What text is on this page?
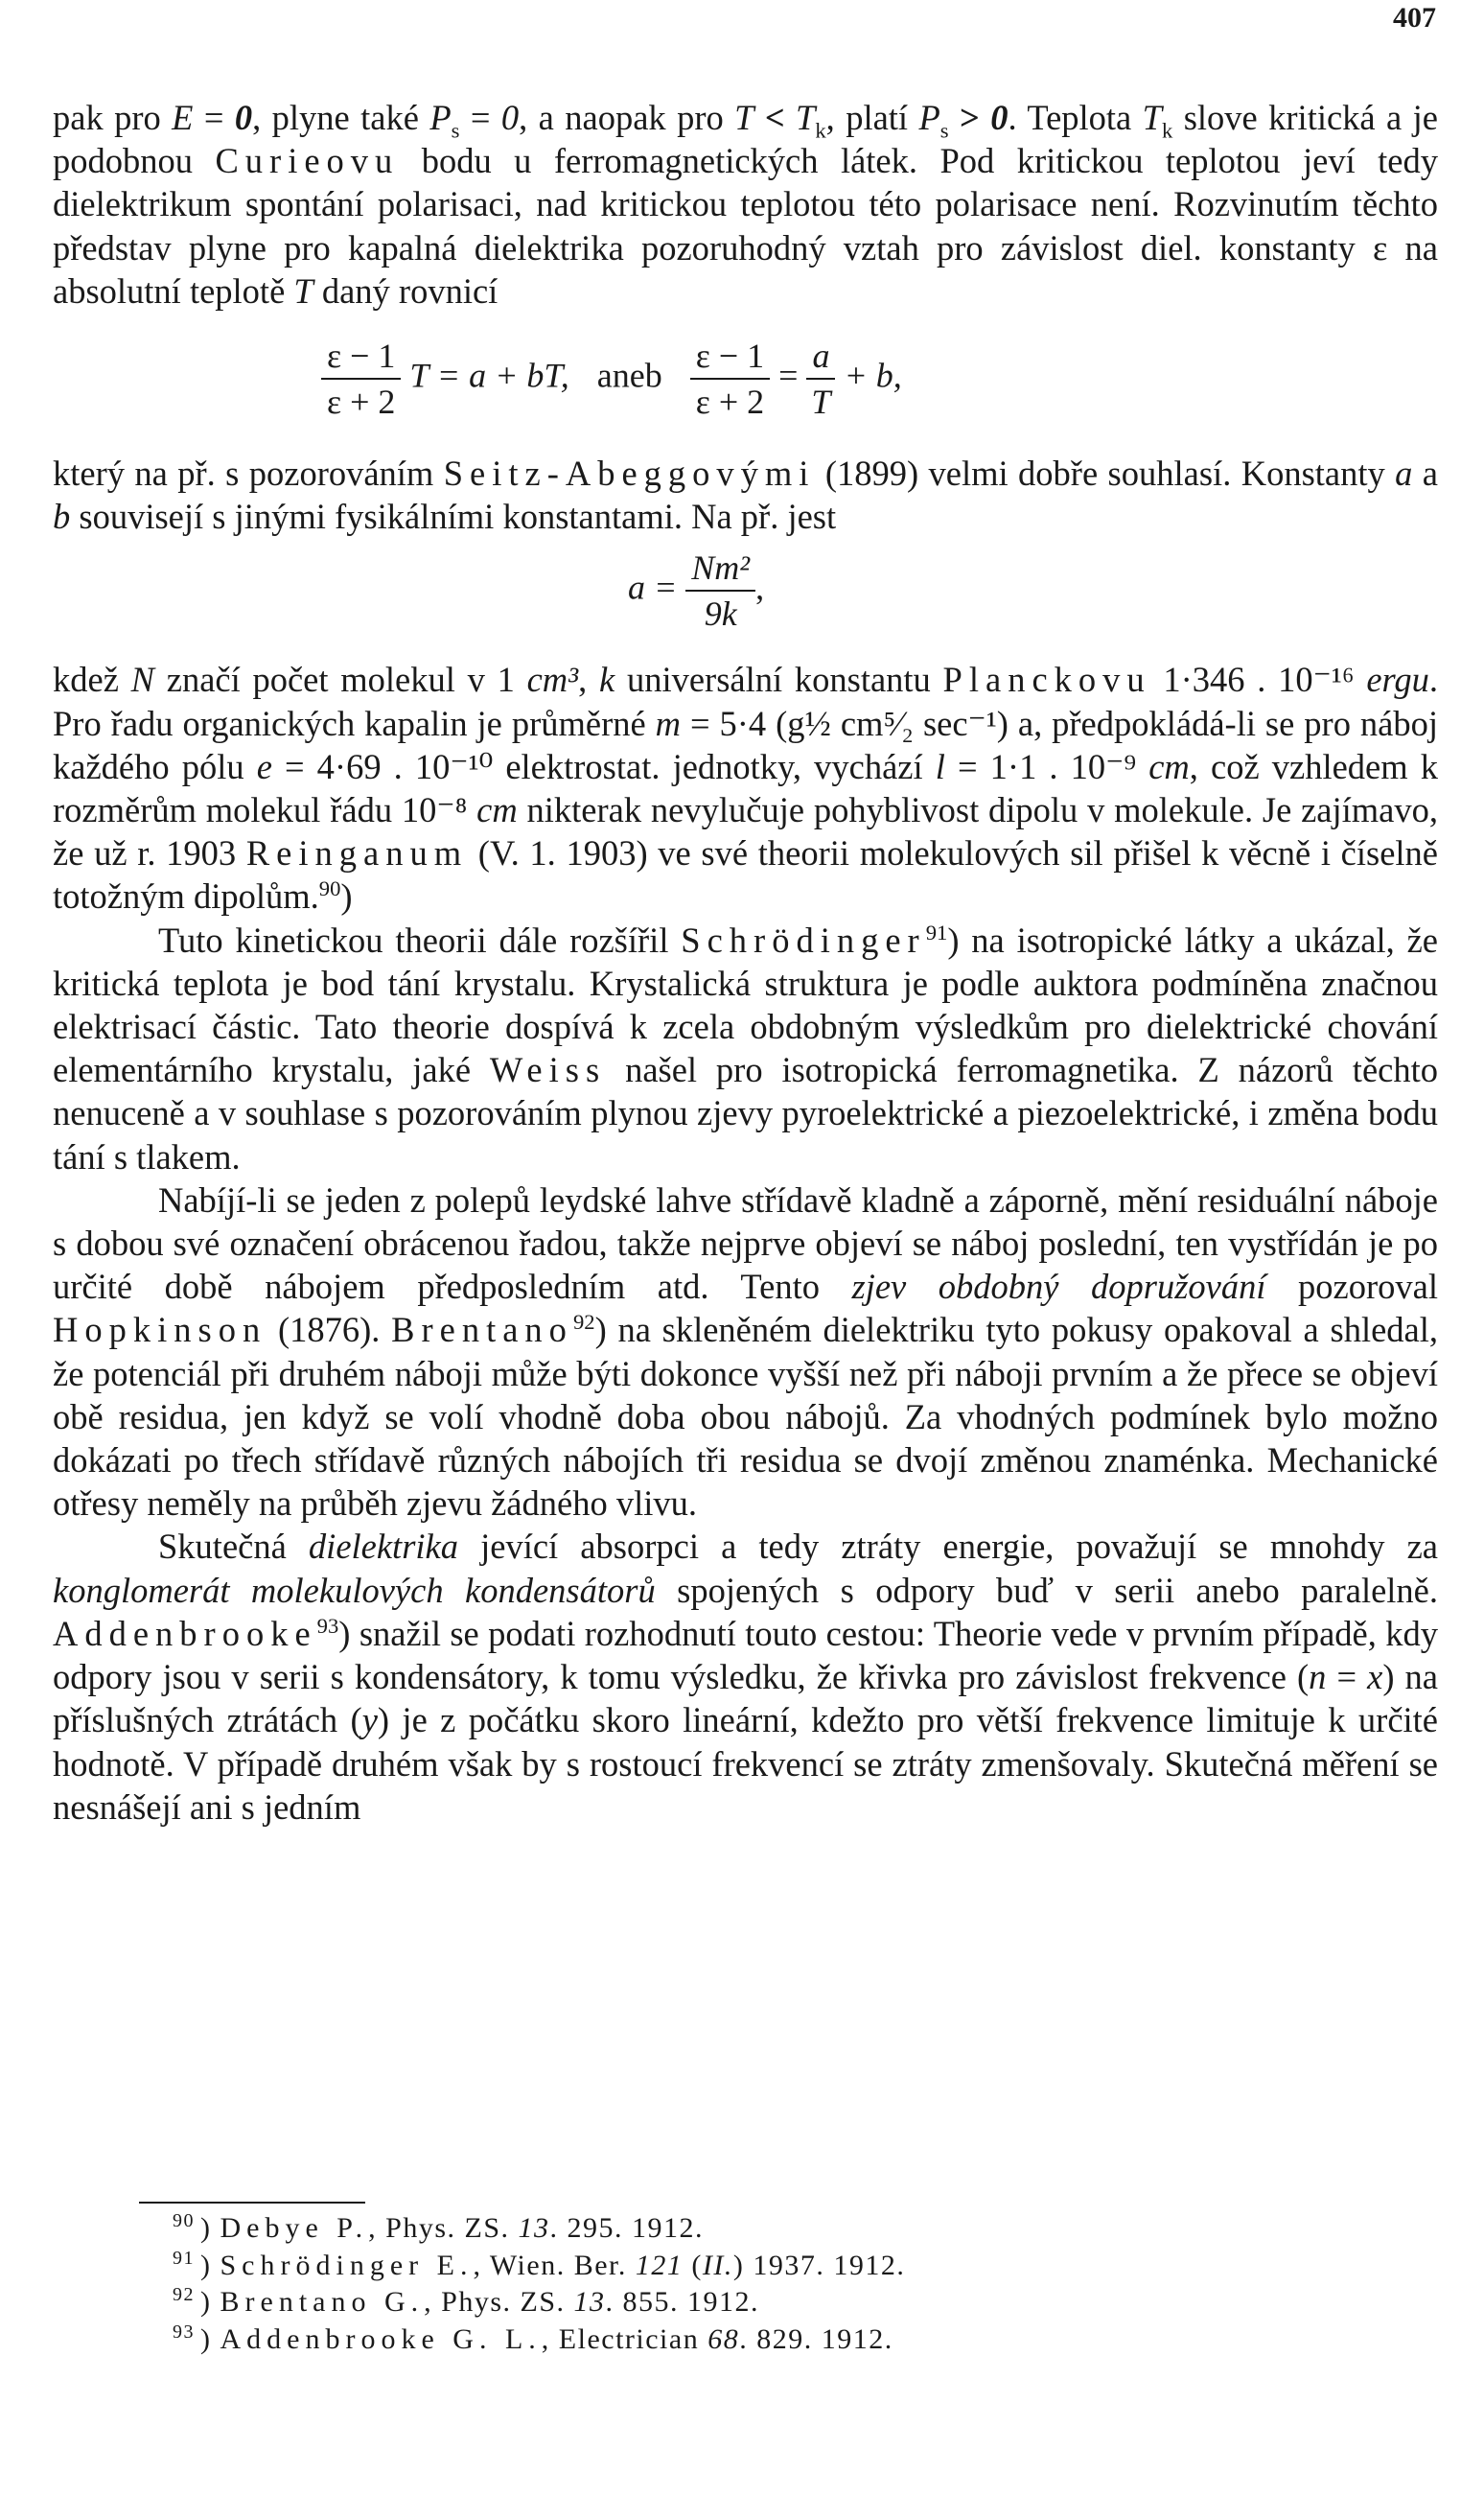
407

pak pro E = 0, plyne také $P_s = 0$, a naopak pro $T < T_k$, platí $P_s > 0$. Teplota $T_k$ slove kritická a je podobnou Curieovu bodu u ferromagnetických látek. Pod kritickou teplotou jeví tedy dielektrikum spontání polarisaci, nad kritickou teplotou této polarisace není. Rozvinutím těchto představ plyne pro kapalná dielektrika pozoruhodný vztah pro závislost diel. konstanty ε na absolutní teplotě T daný rovnicí

$\frac{\varepsilon - 1}{\varepsilon + 2}$ T = a + bT, aneb $\frac{\varepsilon - 1}{\varepsilon + 2} = \frac{a}{T} + b$,

který na př. s pozorováním Seitz-Abeggovými (1899) velmi dobře souhlasí. Konstanty a a b souvisejí s jinými fysikálními konstantami. Na př. jest

$a = \frac{\text{Nm²}}{9k}$ ,

kdež N značí počet molekul v 1 cm³, k universální konstantu Planckovu 1·346 . 10⁻¹⁶ ergu. Pro řadu organických kapalin je průměrné m = 5·4 (g½ cm⁵⁄₂ sec⁻¹) a, předpokládá-li se pro náboj každého pólu e = 4·69 . 10⁻¹⁰ elektrostat. jednotky, vychází l = 1·1 . 10⁻⁹ cm, což vzhledem k rozměrům molekul řádu 10⁻⁸ cm nikterak nevylučuje pohyblivost dipolu v molekule. Je zajímavo, že už r. 1903 Reinganum (V. 1. 1903) ve své theorii molekulových sil přišel k věcně i číselně totožným dipolům.$^{90}$)

Tuto kinetickou theorii dále rozšířil Schrödinger$^{91}$) na isotropické látky a ukázal, že kritická teplota je bod tání krystalu. Krystalická struktura je podle auktora podmíněna značnou elektrisací částic. Tato theorie dospívá k zcela obdobným výsledkům pro dielektrické chování elementárního krystalu, jaké Weiss našel pro isotropická ferromagnetika. Z názorů těchto nenuceně a v souhlase s pozorováním plynou zjevy pyroelektrické a piezoelektrické, i změna bodu tání s tlakem.

Nabíjí-li se jeden z polepů leydské lahve střídavě kladně a záporně, mění residuální náboje s dobou své označení obrácenou řadou, takže nejprve objeví se náboj poslední, ten vystřídán je po určité době nábojem předposledním atd. Tento zjev obdobný dopružování pozoroval Hopkinson (1876). Brentano$^{92}$) na skleněném dielektriku tyto pokusy opakoval a shledal, že potenciál při druhém náboji může býti dokonce vyšší než při náboji prvním a že přece se objeví obě residua, jen když se volí vhodně doba obou nábojů. Za vhodných podmínek bylo možno dokázati po třech střídavě různých nábojích tři residua se dvojí změnou znaménka. Mechanické otřesy neměly na průběh zjevu žádného vlivu.

Skutečná dielektrika jevící absorpci a tedy ztráty energie, považují se mnohdy za konglomerát molekulových kondensátorů spojených s odpory buď v serii anebo paralelně. Addenbrooke$^{93}$) snažil se podati rozhodnutí touto cestou: Theorie vede v prvním případě, kdy odpory jsou v serii s kondensátory, k tomu výsledku, že křivka pro závislost frekvence (n = x) na příslušných ztrátách (y) je z počátku skoro lineární, kdežto pro větší frekvence limituje k určité hodnotě. V případě druhém však by s rostoucí frekvencí se ztráty zmenšovaly. Skutečná měření se nesnášejí ani s jedním

$^{90}$ ) Debye P., Phys. ZS. 13. 295. 1912.
$^{91}$ ) Schrödinger E., Wien. Ber. 121 (II.) 1937. 1912.
$^{92}$ ) Brentano G., Phys. ZS. 13. 855. 1912.
$^{93}$ ) Addenbrooke G. L., Electrician 68. 829. 1912.
